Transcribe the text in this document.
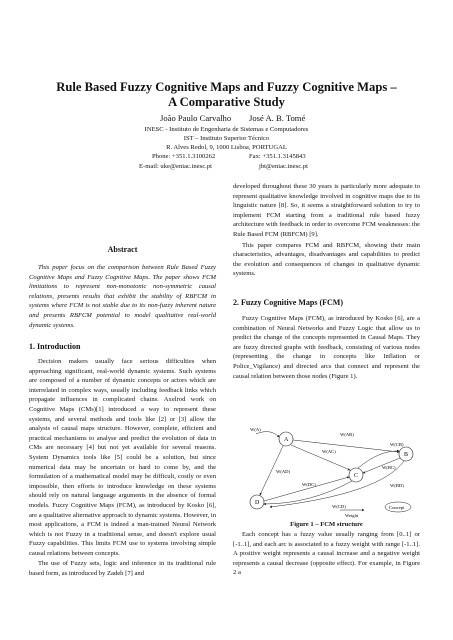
Rule Based Fuzzy Cognitive Maps and Fuzzy Cognitive Maps –
A Comparative Study
João Paulo Carvalho José A. B. Tomé
INESC - Instituto de Engenharia de Sistemas e Computadores
IST – Instituto Superior Técnico
R. Alves Redol, 9, 1000 Lisboa, PORTUGAL
Phone: +351.1.3100262	Fax: +351.1.3145843
E-mail: uke@eniac.inesc.pt	jbt@eniac.inesc.pt
Abstract

This paper focus on the comparison between Rule Based Fuzzy Cognitive Maps and Fuzzy Cognitive Maps. The paper shows FCM limitations to represent non-monotonic non-symmetric causal relations, presents results that exhibit the stability of RBFCM in systems where FCM is not stable due to its non-fuzzy inherent nature and presents RBFCM potential to model qualitative real-world dynamic systems.

1. Introduction

Decision makers usually face serious difficulties when approaching significant, real-world dynamic systems. Such systems are composed of a number of dynamic concepts or actors which are interrelated in complex ways, usually including feedback links which propagate influences in complicated chains. Axelrod work on Cognitive Maps (CMs)[1] introduced a way to represent these systems, and several methods and tools like [2] or [3] allow the analysis of causal maps structure. However, complete, efficient and practical mechanisms to analyse and predict the evolution of data in CMs are necessary [4] but not yet available for several reasons. System Dynamics tools like [5] could be a solution, but since numerical data may be uncertain or hard to come by, and the formulation of a mathematical model may be difficult, costly or even impossible, then efforts to introduce knowledge on these systems should rely on natural language arguments in the absence of formal models. Fuzzy Cognitive Maps (FCM), as introduced by Kosko [6], are a qualitative alternative approach to dynamic systems. However, in most applications, a FCM is indeed a man-trained Neural Network which is not Fuzzy in a traditional sense, and doesn't explore usual Fuzzy capabilities. This limits FCM use to systems involving simple causal relations between concepts.

The use of Fuzzy sets, logic and inference in its traditional rule based form, as introduced by Zadeh [7] and

developed throughout these 30 years is particularly more adequate to represent qualitative knowledge involved in cognitive maps due to its linguistic nature [8]. So, it seems a straightforward solution to try to implement FCM starting from a traditional rule based fuzzy architecture with feedback in order to overcome FCM weaknesses: the Rule Based FCM (RBFCM) [9].

This paper compares FCM and RBFCM, showing their main characteristics, advantages, disadvantages and capabilities to predict the evolution and consequences of changes in qualitative dynamic systems.

2. Fuzzy Cognitive Maps (FCM)

Fuzzy Cognitive Maps (FCM), as introduced by Kosko [6], are a combination of Neural Networks and Fuzzy Logic that allow us to predict the change of the concepts represented in Causal Maps. They are fuzzy directed graphs with feedback, consisting of various nodes (representing the change in concepts like Inflation or Police_Vigilance) and directed arcs that connect and represent the causal relation between those nodes (Figure 1).

A
B
C
D
W(A)
W(AB)
W(AC)
W(AD)
W(BC)
W(CB)
W(DC)
W(CD)
W(BD)
Weight
Concept
Figure 1 – FCM structure

Each concept has a fuzzy value usually ranging from [0..1] or [-1..1], and each arc is associated to a fuzzy weight with range [-1..1]. A positive weight represents a causal increase and a negative weight represents a causal decrease (opposite effect). For example, in Figure 2 a
